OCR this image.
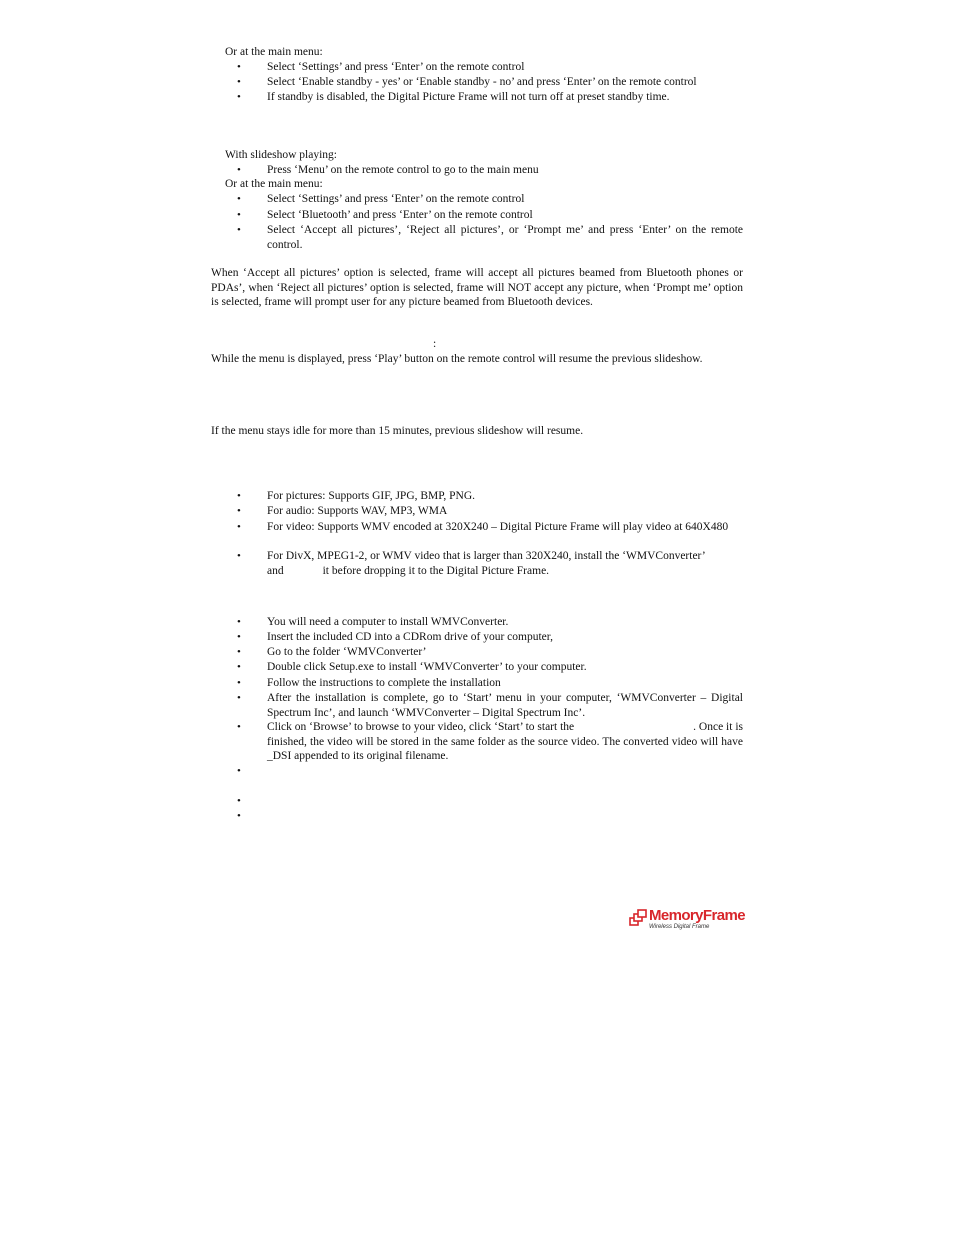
Or at the main menu:
•	Select ‘Settings’ and press ‘Enter’ on the remote control
•	Select ‘Enable standby - yes’ or ‘Enable standby - no’ and press ‘Enter’ on the remote control
•	If standby is disabled, the Digital Picture Frame will not turn off at preset standby time.
With slideshow playing:
•	Press ‘Menu’ on the remote control to go to the main menu
Or at the main menu:
•	Select ‘Settings’ and press ‘Enter’ on the remote control
•	Select ‘Bluetooth’ and press ‘Enter’ on the remote control
•	Select ‘Accept all pictures’, ‘Reject all pictures’, or ‘Prompt me’ and press ‘Enter’ on the remote control.
When ‘Accept all pictures’ option is selected, frame will accept all pictures beamed from Bluetooth phones or PDAs’, when ‘Reject all pictures’ option is selected, frame will NOT accept any picture, when ‘Prompt me’ option is selected, frame will prompt user for any picture beamed from Bluetooth devices.
:
While the menu is displayed, press ‘Play’ button on the remote control will resume the previous slideshow.
If the menu stays idle for more than 15 minutes, previous slideshow will resume.
•	For pictures: Supports GIF, JPG, BMP, PNG.
•	For audio: Supports WAV, MP3, WMA
•	For video: Supports WMV encoded at 320X240 – Digital Picture Frame will play video at 640X480
•	For DivX, MPEG1-2, or WMV video that is larger than 320X240, install the ‘WMVConverter’
and	it before dropping it to the Digital Picture Frame.
•	You will need a computer to install WMVConverter.
•	Insert the included CD into a CDRom drive of your computer,
•	Go to the folder ‘WMVConverter’
•	Double click Setup.exe to install ‘WMVConverter’ to your computer.
•	Follow the instructions to complete the installation
•	After the installation is complete, go to ‘Start’ menu in your computer, ‘WMVConverter – Digital Spectrum Inc’, and launch ‘WMVConverter – Digital Spectrum Inc’.
•	Click on ‘Browse’ to browse to your video, click ‘Start’ to start the	. Once it is
finished, the video will be stored in the same folder as the source video. The converted video will have _DSI appended to its original filename.
•
•
•
MemoryFrame
Wireless Digital Frame
